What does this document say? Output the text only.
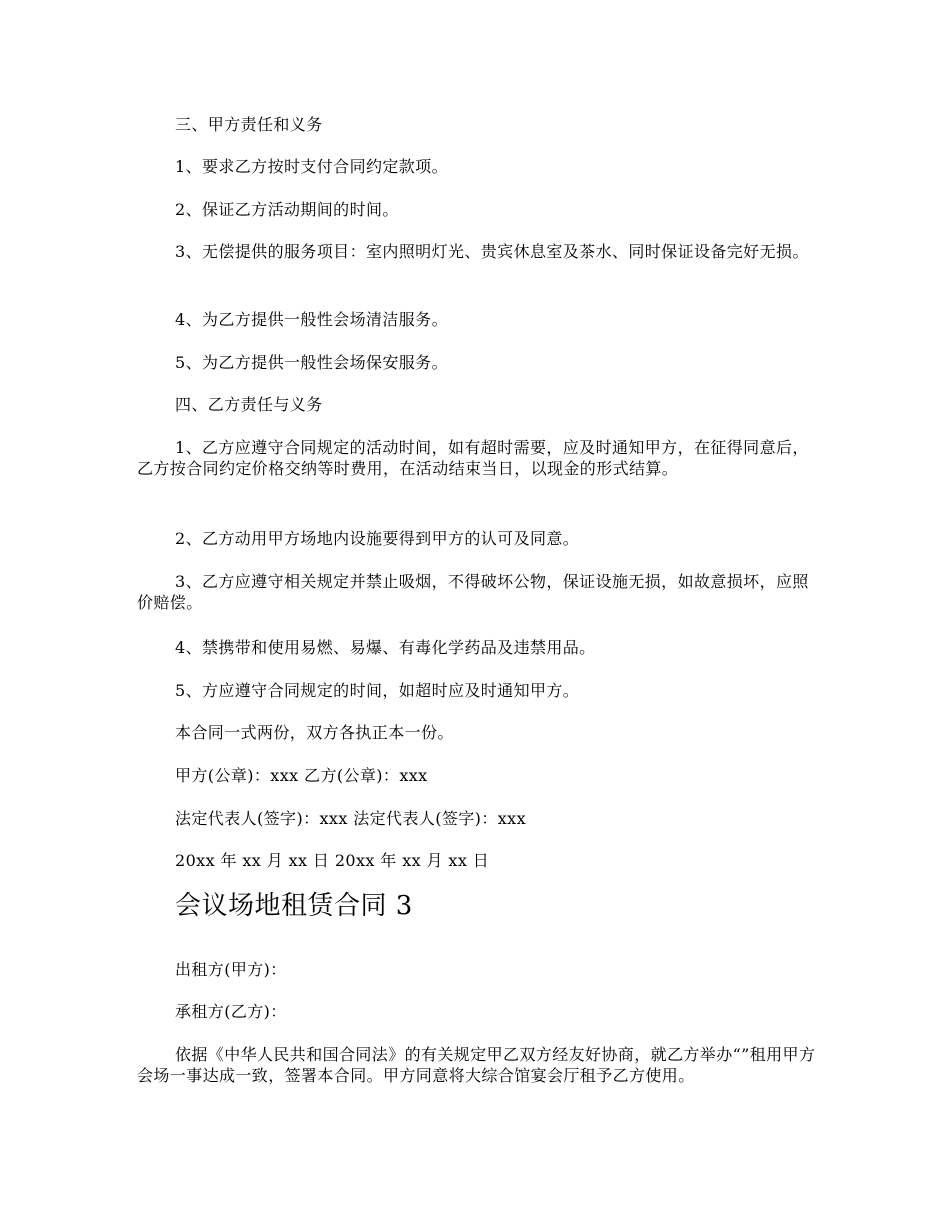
三、甲方责任和义务

1、要求乙方按时支付合同约定款项。

2、保证乙方活动期间的时间。

3、无偿提供的服务项目：室内照明灯光、贵宾休息室及茶水、同时保证设备完好无损。

4、为乙方提供一般性会场清洁服务。

5、为乙方提供一般性会场保安服务。

四、乙方责任与义务

1、乙方应遵守合同规定的活动时间，如有超时需要，应及时通知甲方，在征得同意后，乙方按合同约定价格交纳等时费用，在活动结束当日，以现金的形式结算。

2、乙方动用甲方场地内设施要得到甲方的认可及同意。

3、乙方应遵守相关规定并禁止吸烟，不得破坏公物，保证设施无损，如故意损坏，应照价赔偿。

4、禁携带和使用易燃、易爆、有毒化学药品及违禁用品。

5、方应遵守合同规定的时间，如超时应及时通知甲方。

本合同一式两份，双方各执正本一份。

甲方(公章)：xxx 乙方(公章)：xxx

法定代表人(签字)：xxx 法定代表人(签字)：xxx

20xx 年 xx 月 xx 日 20xx 年 xx 月 xx 日

会议场地租赁合同 3

出租方(甲方)：

承租方(乙方)：

依据《中华人民共和国合同法》的有关规定甲乙双方经友好协商，就乙方举办“”租用甲方会场一事达成一致，签署本合同。甲方同意将大综合馆宴会厅租予乙方使用。
